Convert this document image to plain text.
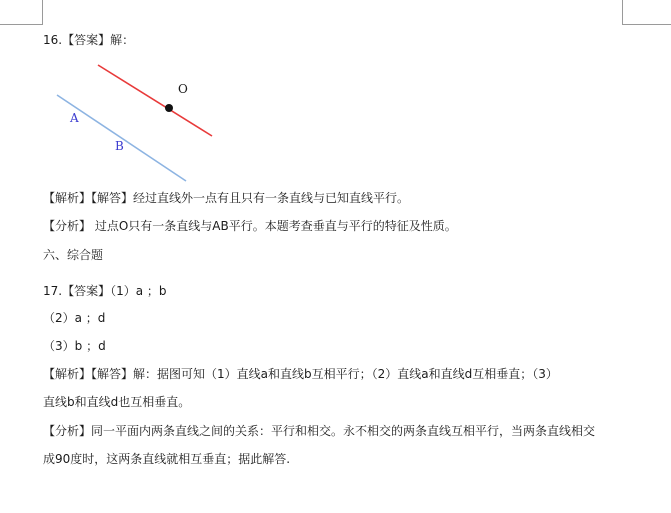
16.【答案】解：
O
A
B
【解析】【解答】经过直线外一点有且只有一条直线与已知直线平行。
【分析】 过点O只有一条直线与AB平行。本题考查垂直与平行的特征及性质。
六、综合题
17.【答案】（1）a ；b
（2）a ；d
（3）b ；d
【解析】【解答】解：据图可知（1）直线a和直线b互相平行；（2）直线a和直线d互相垂直；（3）
直线b和直线d也互相垂直。
【分析】同一平面内两条直线之间的关系：平行和相交。永不相交的两条直线互相平行，当两条直线相交
成90度时，这两条直线就相互垂直；据此解答.
